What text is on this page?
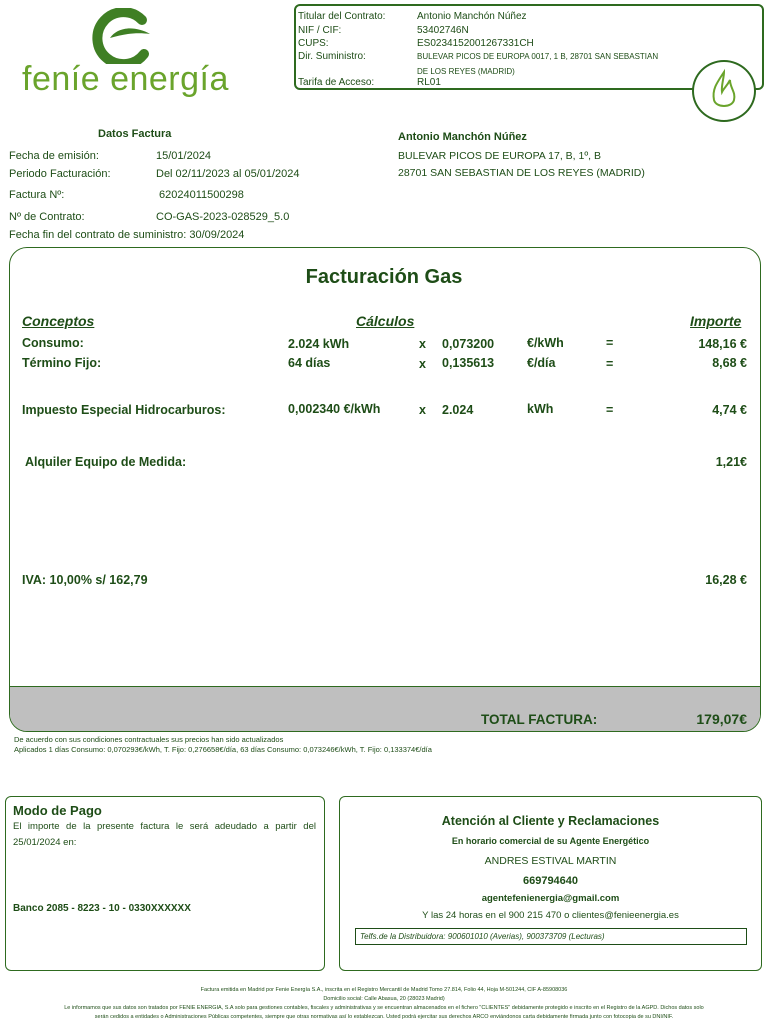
feníe energía
Titular del Contrato:	Antonio Manchón Núñez
NIF / CIF:	53402746N
CUPS:	ES0234152001267331CH
Dir. Suministro:	BULEVAR PICOS DE EUROPA 0017, 1 B, 28701 SAN SEBASTIAN
DE LOS REYES (MADRID)
Tarifa de Acceso:	RL01
Datos Factura
Fecha de emisión:	15/01/2024
Periodo Facturación:	Del 02/11/2023 al 05/01/2024
Factura Nº:	62024011500298
Nº de Contrato:	CO-GAS-2023-028529_5.0
Fecha fin del contrato de suministro: 30/09/2024
Antonio Manchón Núñez
BULEVAR PICOS DE EUROPA 17, B, 1º, B
28701 SAN SEBASTIAN DE LOS REYES (MADRID)
Facturación Gas
Conceptos	Cálculos	Importe
Consumo:	2.024 kWh	x 0,073200	€/kWh	=	148,16 €
Término Fijo:	64 días	x 0,135613	€/día	=	8,68 €
Impuesto Especial Hidrocarburos:	0,002340 €/kWh	x 2.024	kWh	=	4,74 €
Alquiler Equipo de Medida:	1,21€
IVA: 10,00% s/ 162,79	16,28 €
TOTAL FACTURA:	179,07€
De acuerdo con sus condiciones contractuales sus precios han sido actualizados
Aplicados 1 días Consumo: 0,070293€/kWh, T. Fijo: 0,276658€/día, 63 días Consumo: 0,073246€/kWh, T. Fijo: 0,133374€/día
Modo de Pago
El importe de la presente factura le será adeudado a partir del 25/01/2024 en:
Banco 2085 - 8223 - 10 - 0330XXXXXX
Atención al Cliente y Reclamaciones
En horario comercial de su Agente Energético
ANDRES ESTIVAL MARTIN
669794640
agentefenienergia@gmail.com
Y las 24 horas en el 900 215 470 o clientes@fenieenergia.es
Telfs.de la Distribuidora: 900601010 (Averias), 900373709 (Lecturas)
Factura emitida en Madrid por Fenie Energía S.A., inscrita en el Registro Mercantil de Madrid Tomo 27.814, Folio 44, Hoja M-501244, CIF A-85908036
Domicilio social: Calle Abasua, 20 (28023 Madrid)
Le informamos que sus datos son tratados por FENIE ENERGIA, S.A solo para gestiones contables, fiscales y administrativas y se encuentran almacenados en el fichero "CLIENTES" debidamente protegido e inscrito en el Registro de la AGPD. Dichos datos solo
serán cedidos a entidades o Administraciones Públicas competentes, siempre que otras normativas así lo establezcan. Usted podrá ejercitar sus derechos ARCO enviándonos carta debidamente firmada junto con fotocopia de su DNI/NIF.
